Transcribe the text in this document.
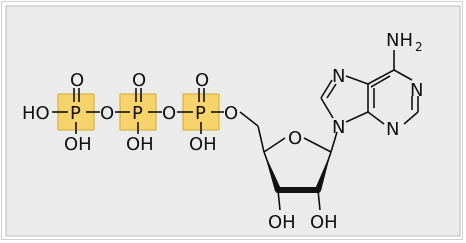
HO P
O
OH
O P
O
OH
O P
O
OH
O
O
OH OH
N
N
N
N
NH 2
